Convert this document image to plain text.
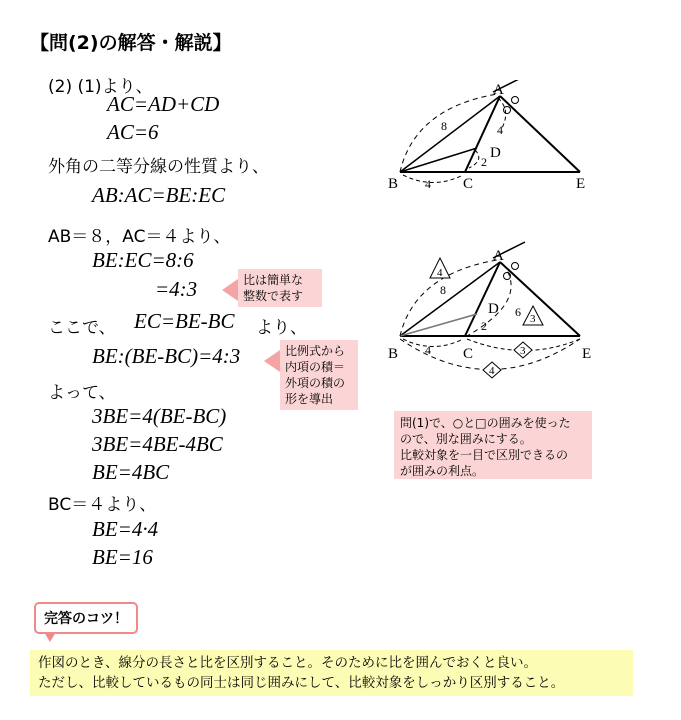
【問(2)の解答・解説】
(2) (1)より、
AC=AD+CD
AC=6
外角の二等分線の性質より、
AB:AC=BE:EC
AB＝８，AC＝４より、
BE:EC=8:6
=4:3
ここで、 EC=BE-BC より、
BE:(BE-BC)=4:3
よって、
3BE=4(BE-BC)
3BE=4BE-4BC
BE=4BC
BC＝４より、
BE=4·4
BE=16
比は簡単な
整数で表す
比例式から
内項の積＝
外項の積の
形を導出
問(1)で、○と□の囲みを使った
ので、別な囲みにする。
比較対象を一目で区別できるの
が囲みの利点。
A
B	C
D
E
8	4
2
4
A
B	C
D
E
8
6
2
4
4
3
3
4
完答のコツ！
作図のとき、線分の長さと比を区別すること。そのために比を囲んでおくと良い。
ただし、比較しているもの同士は同じ囲みにして、比較対象をしっかり区別すること。
